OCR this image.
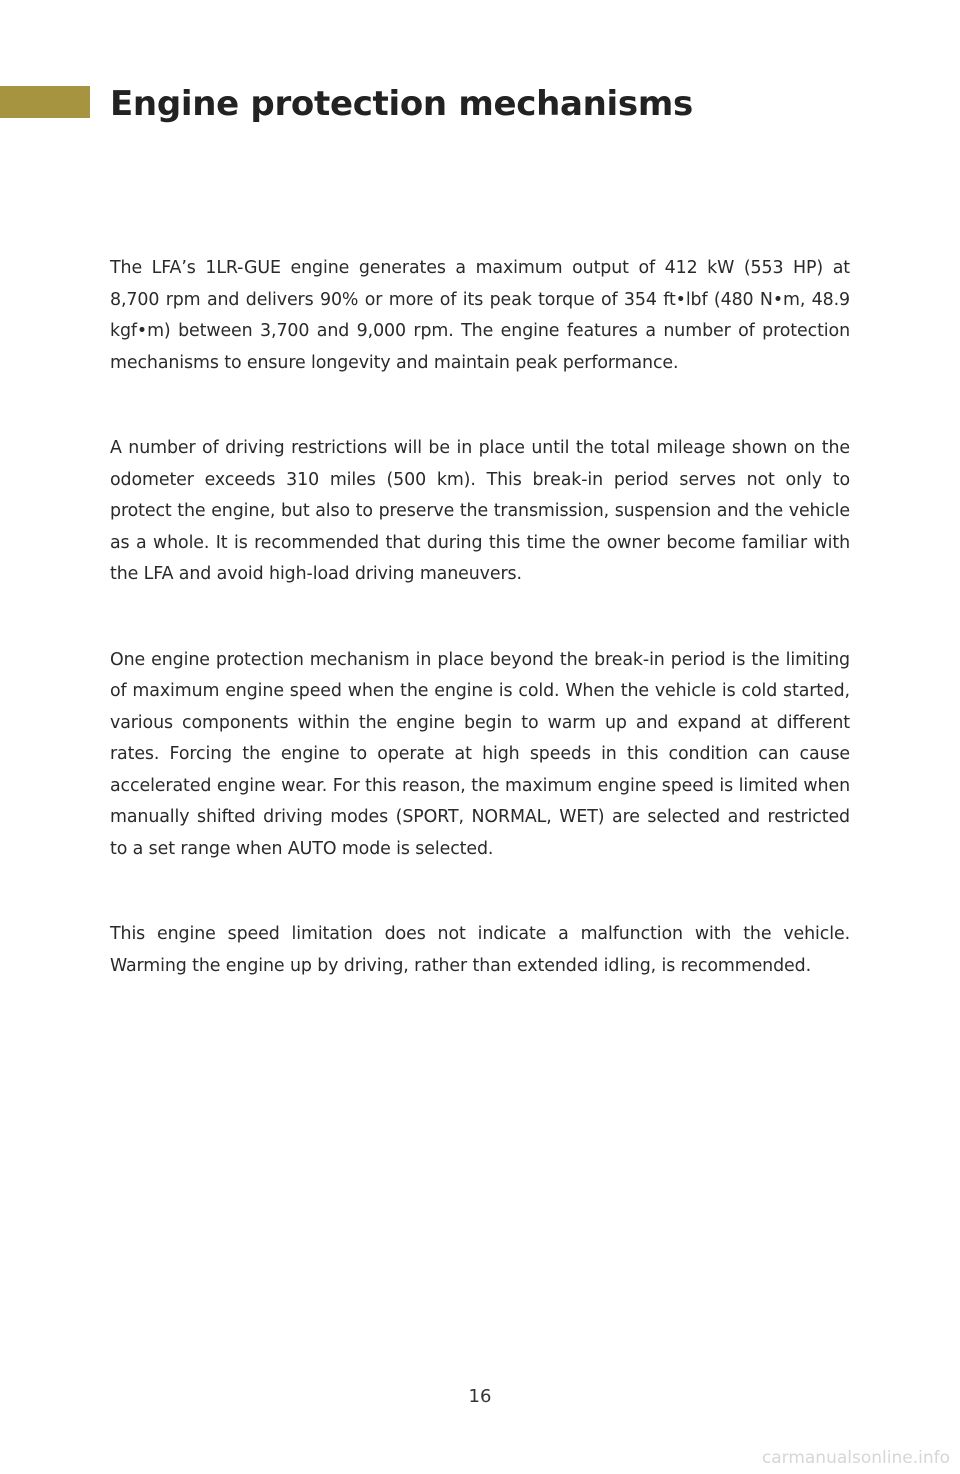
Engine protection mechanisms

The LFA’s 1LR-GUE engine generates a maximum output of 412 kW (553 HP) at 8,700 rpm and delivers 90% or more of its peak torque of 354 ft•lbf (480 N•m, 48.9 kgf•m) between 3,700 and 9,000 rpm. The engine features a number of protection mechanisms to ensure longevity and maintain peak performance.

A number of driving restrictions will be in place until the total mileage shown on the odometer exceeds 310 miles (500 km). This break-in period serves not only to protect the engine, but also to preserve the transmission, suspension and the vehicle as a whole. It is recommended that during this time the owner become familiar with the LFA and avoid high-load driving maneuvers.

One engine protection mechanism in place beyond the break-in period is the limiting of maximum engine speed when the engine is cold. When the vehicle is cold started, various components within the engine begin to warm up and expand at different rates. Forcing the engine to operate at high speeds in this condition can cause accelerated engine wear. For this reason, the maximum engine speed is limited when manually shifted driving modes (SPORT, NORMAL, WET) are selected and restricted to a set range when AUTO mode is selected.

This engine speed limitation does not indicate a malfunction with the vehicle. Warming the engine up by driving, rather than extended idling, is recommended.

16
carmanualsonline.info
